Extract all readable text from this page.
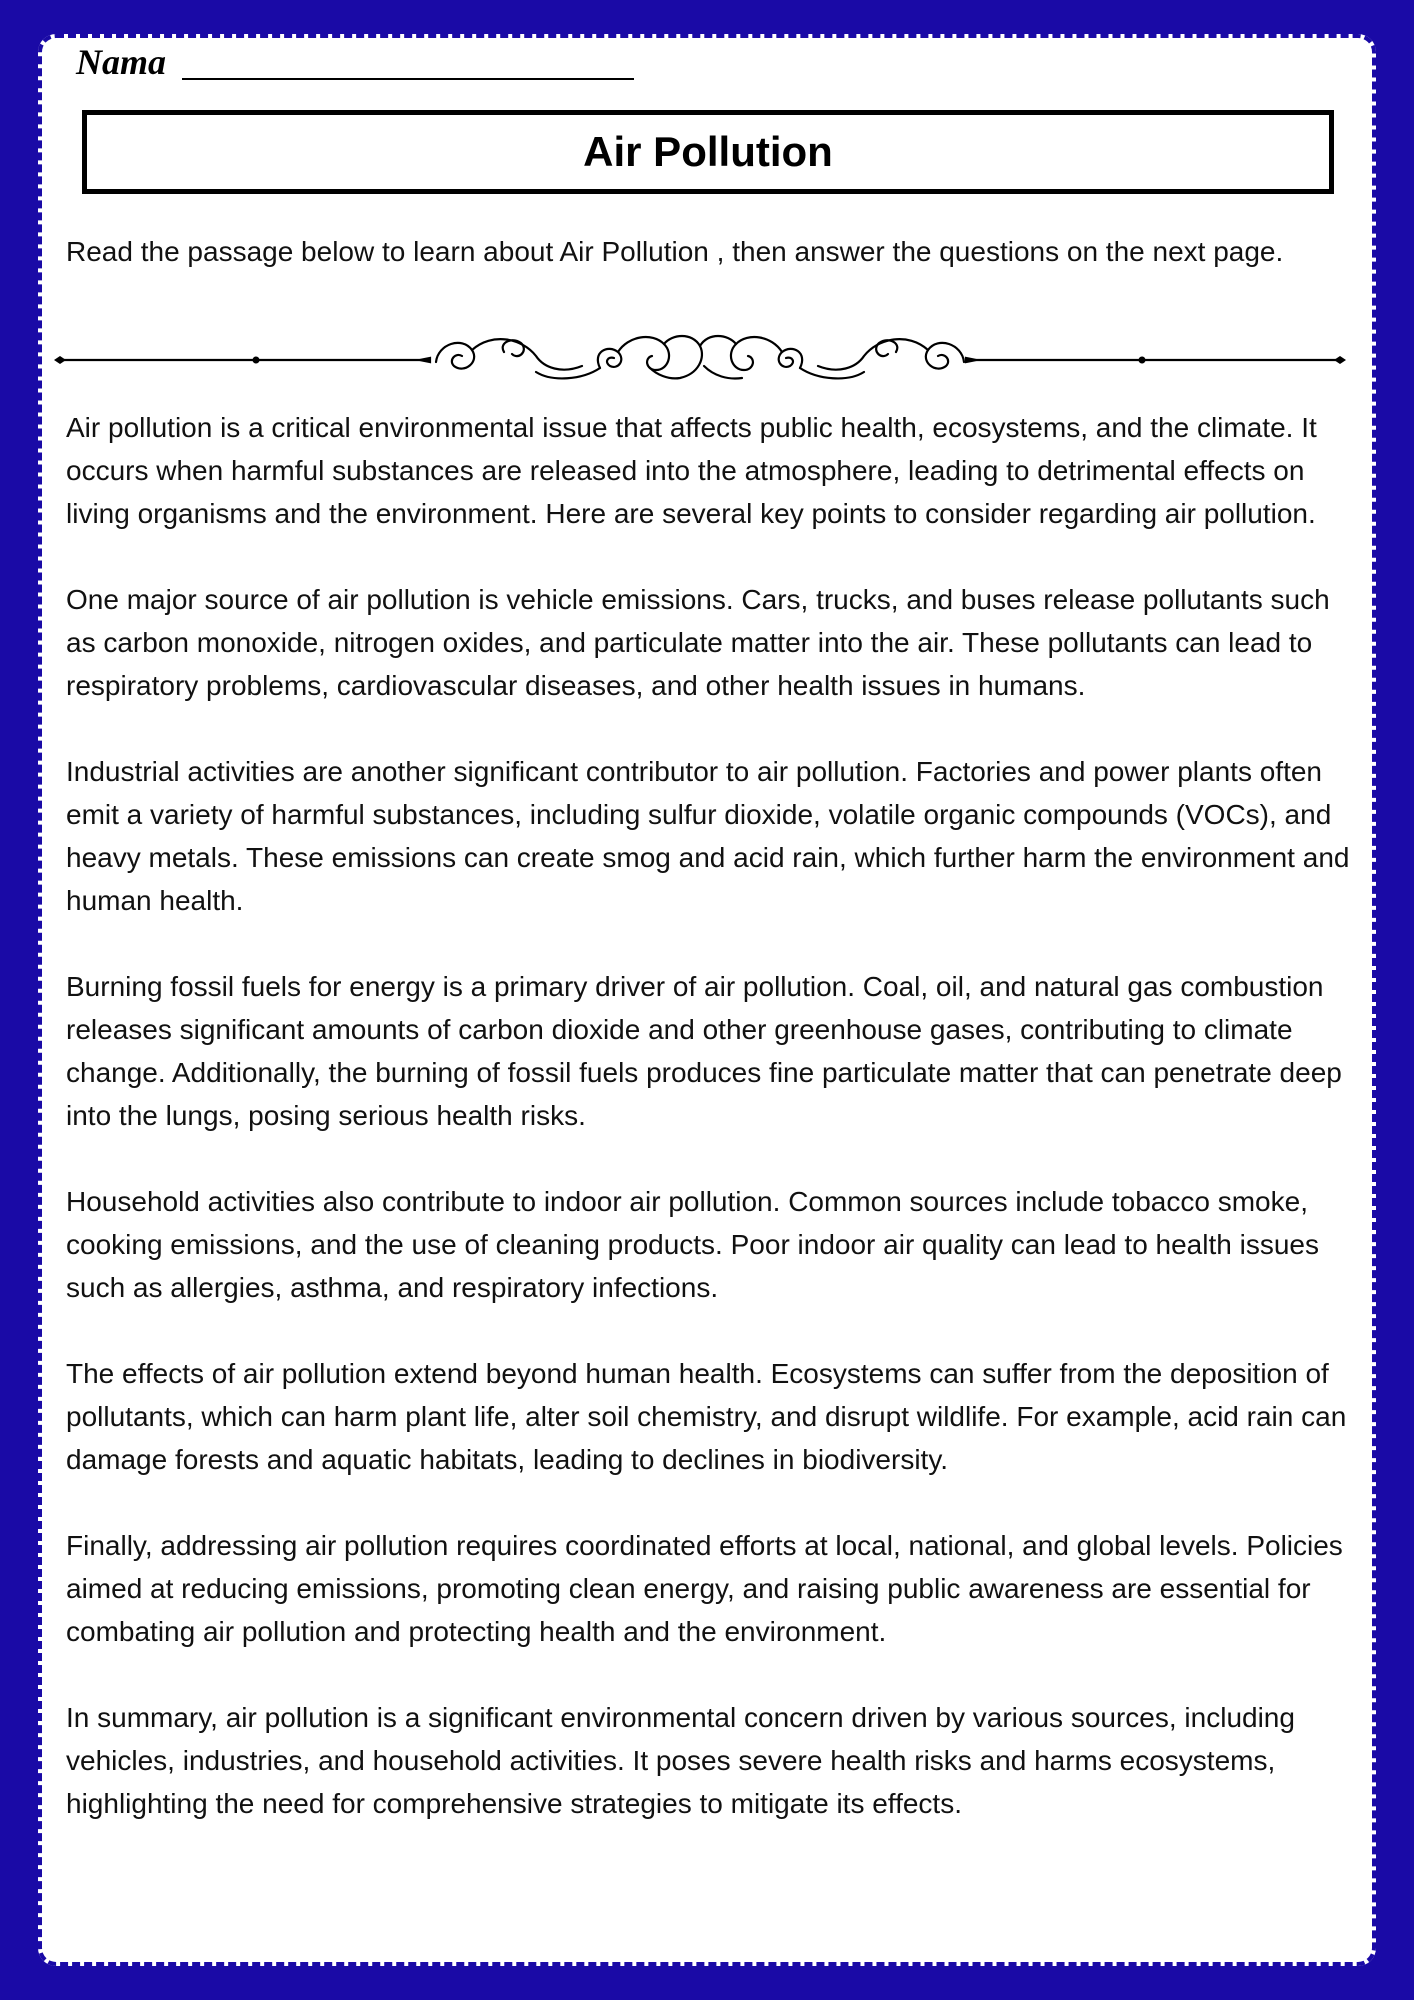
Nama
Air Pollution
Read the passage below to learn about Air Pollution , then answer the questions on the next page.

Air pollution is a critical environmental issue that affects public health, ecosystems, and the climate. It occurs when harmful substances are released into the atmosphere, leading to detrimental effects on living organisms and the environment. Here are several key points to consider regarding air pollution.

One major source of air pollution is vehicle emissions. Cars, trucks, and buses release pollutants such as carbon monoxide, nitrogen oxides, and particulate matter into the air. These pollutants can lead to respiratory problems, cardiovascular diseases, and other health issues in humans.

Industrial activities are another significant contributor to air pollution. Factories and power plants often emit a variety of harmful substances, including sulfur dioxide, volatile organic compounds (VOCs), and heavy metals. These emissions can create smog and acid rain, which further harm the environment and human health.

Burning fossil fuels for energy is a primary driver of air pollution. Coal, oil, and natural gas combustion releases significant amounts of carbon dioxide and other greenhouse gases, contributing to climate change. Additionally, the burning of fossil fuels produces fine particulate matter that can penetrate deep into the lungs, posing serious health risks.

Household activities also contribute to indoor air pollution. Common sources include tobacco smoke, cooking emissions, and the use of cleaning products. Poor indoor air quality can lead to health issues such as allergies, asthma, and respiratory infections.

The effects of air pollution extend beyond human health. Ecosystems can suffer from the deposition of pollutants, which can harm plant life, alter soil chemistry, and disrupt wildlife. For example, acid rain can damage forests and aquatic habitats, leading to declines in biodiversity.

Finally, addressing air pollution requires coordinated efforts at local, national, and global levels. Policies aimed at reducing emissions, promoting clean energy, and raising public awareness are essential for combating air pollution and protecting health and the environment.

In summary, air pollution is a significant environmental concern driven by various sources, including vehicles, industries, and household activities. It poses severe health risks and harms ecosystems, highlighting the need for comprehensive strategies to mitigate its effects.
